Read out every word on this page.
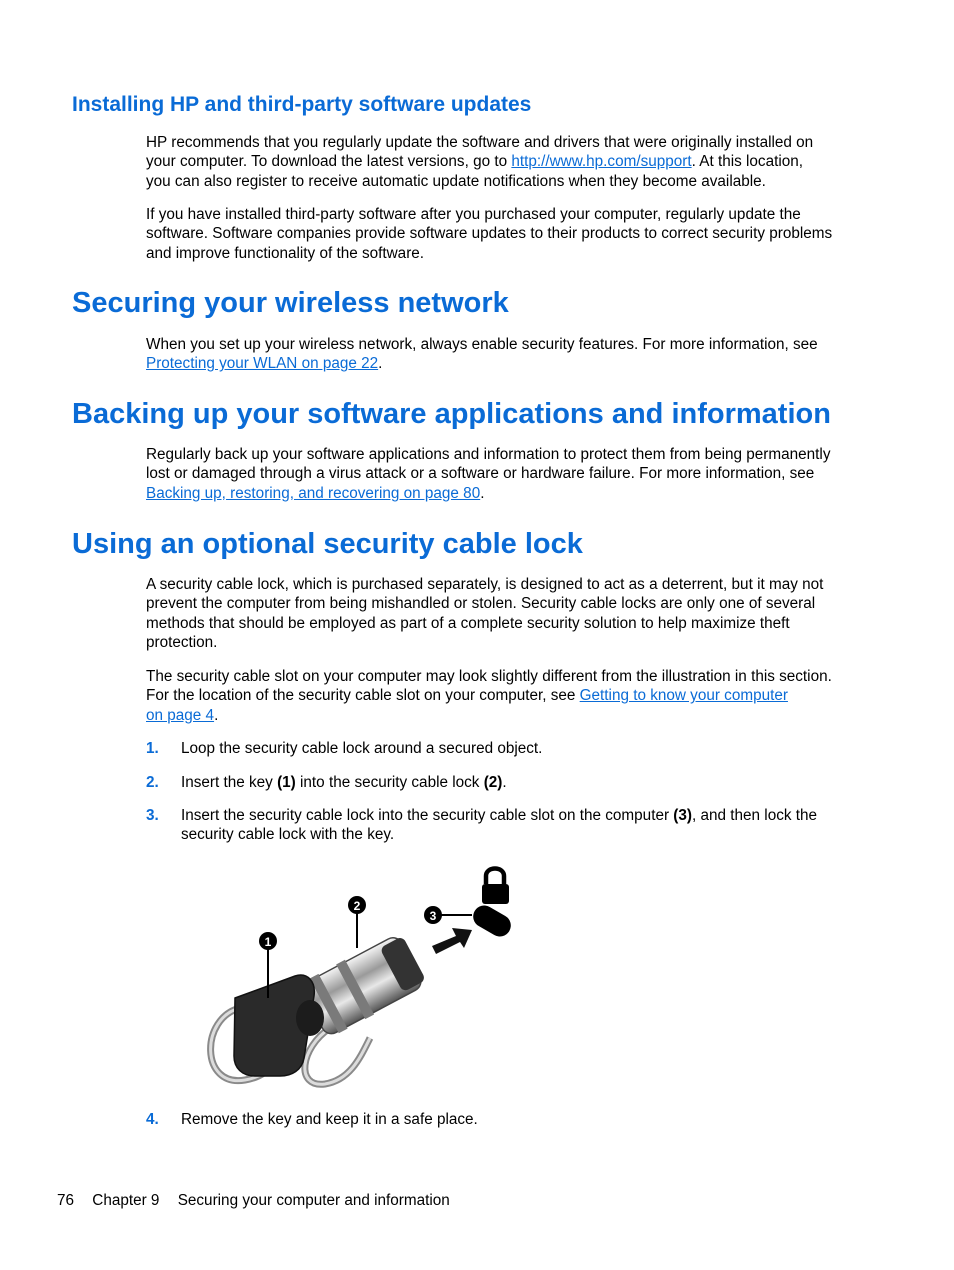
Installing HP and third-party software updates
HP recommends that you regularly update the software and drivers that were originally installed on
your computer. To download the latest versions, go to http://www.hp.com/support. At this location,
you can also register to receive automatic update notifications when they become available.
If you have installed third-party software after you purchased your computer, regularly update the
software. Software companies provide software updates to their products to correct security problems
and improve functionality of the software.
Securing your wireless network
When you set up your wireless network, always enable security features. For more information, see
Protecting your WLAN on page 22.
Backing up your software applications and information
Regularly back up your software applications and information to protect them from being permanently
lost or damaged through a virus attack or a software or hardware failure. For more information, see
Backing up, restoring, and recovering on page 80.
Using an optional security cable lock
A security cable lock, which is purchased separately, is designed to act as a deterrent, but it may not
prevent the computer from being mishandled or stolen. Security cable locks are only one of several
methods that should be employed as part of a complete security solution to help maximize theft
protection.
The security cable slot on your computer may look slightly different from the illustration in this section.
For the location of the security cable slot on your computer, see Getting to know your computer
on page 4.
1. Loop the security cable lock around a secured object.
2. Insert the key (1) into the security cable lock (2).
3. Insert the security cable lock into the security cable slot on the computer (3), and then lock the
security cable lock with the key.
1
2
3
4. Remove the key and keep it in a safe place.
76 Chapter 9 Securing your computer and information
